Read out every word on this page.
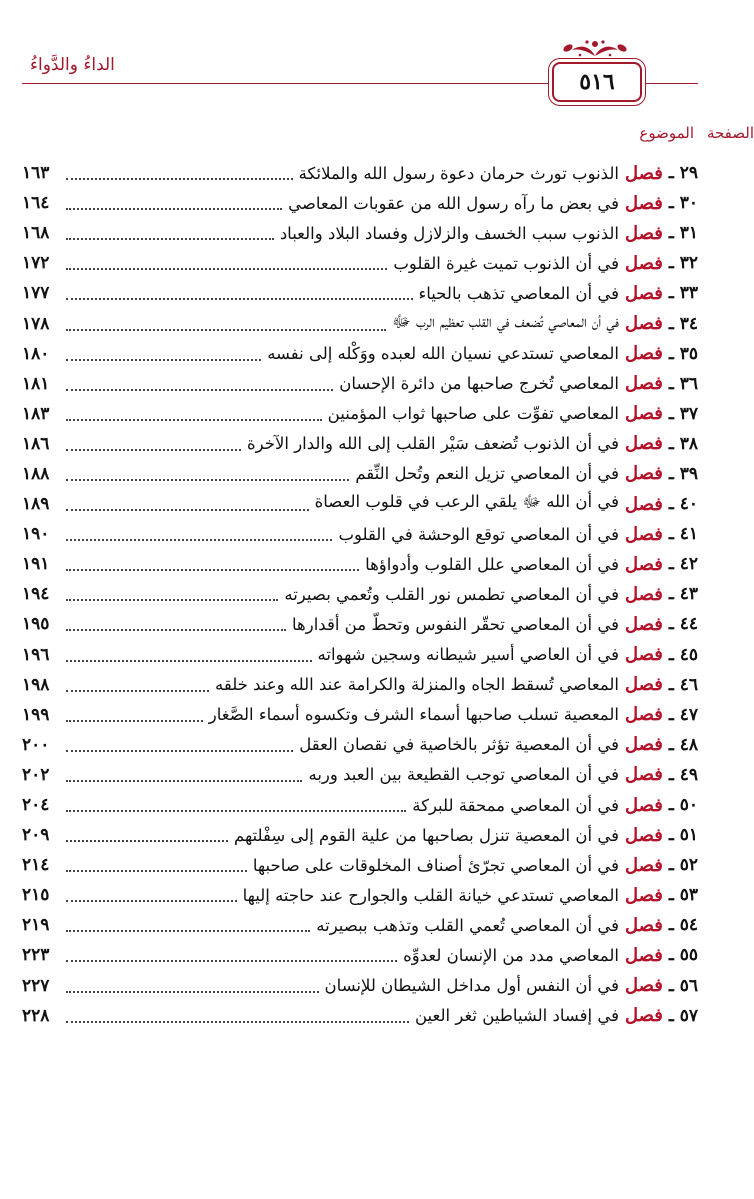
الداءُ والدَّواءُ
٥١٦
الموضوع الصفحة
٢٩ ـ
فصل
الذنوب تورث حرمان دعوة رسول الله والملائكة
١٦٣
٣٠ ـ
فصل
في بعض ما رآه رسول الله من عقوبات المعاصي
١٦٤
٣١ ـ
فصل
الذنوب سبب الخسف والزلازل وفساد البلاد والعباد
١٦٨
٣٢ ـ
فصل
في أن الذنوب تميت غيرة القلوب
١٧٢
٣٣ ـ
فصل
في أن المعاصي تذهب بالحياء
١٧٧
٣٤ ـ
فصل
في أن المعاصي تُضعف في القلب تعظيم الرب ﷻ
١٧٨
٣٥ ـ
فصل
المعاصي تستدعي نسيان الله لعبده ووَكْله إلى نفسه
١٨٠
٣٦ ـ
فصل
المعاصي تُخرج صاحبها من دائرة الإحسان
١٨١
٣٧ ـ
فصل
المعاصي تفوِّت على صاحبها ثواب المؤمنين
١٨٣
٣٨ ـ
فصل
في أن الذنوب تُضعف سَيْر القلب إلى الله والدار الآخرة
١٨٦
٣٩ ـ
فصل
في أن المعاصي تزيل النعم وتُحل النِّقم
١٨٨
٤٠ ـ
فصل
في أن الله ﷻ يلقي الرعب في قلوب العصاة
١٨٩
٤١ ـ
فصل
في أن المعاصي توقع الوحشة في القلوب
١٩٠
٤٢ ـ
فصل
في أن المعاصي علل القلوب وأدواؤها
١٩١
٤٣ ـ
فصل
في أن المعاصي تطمس نور القلب وتُعمي بصيرته
١٩٤
٤٤ ـ
فصل
في أن المعاصي تحقّر النفوس وتحطّ من أقدارها
١٩٥
٤٥ ـ
فصل
في أن العاصي أسير شيطانه وسجين شهواته
١٩٦
٤٦ ـ
فصل
المعاصي تُسقط الجاه والمنزلة والكرامة عند الله وعند خلقه
١٩٨
٤٧ ـ
فصل
المعصية تسلب صاحبها أسماء الشرف وتكسوه أسماء الصَّغار
١٩٩
٤٨ ـ
فصل
في أن المعصية تؤثر بالخاصية في نقصان العقل
٢٠٠
٤٩ ـ
فصل
في أن المعاصي توجب القطيعة بين العبد وربه
٢٠٢
٥٠ ـ
فصل
في أن المعاصي ممحقة للبركة
٢٠٤
٥١ ـ
فصل
في أن المعصية تنزل بصاحبها من علية القوم إلى سِفْلتهم
٢٠٩
٥٢ ـ
فصل
في أن المعاصي تجرّئ أصناف المخلوقات على صاحبها
٢١٤
٥٣ ـ
فصل
المعاصي تستدعي خيانة القلب والجوارح عند حاجته إليها
٢١٥
٥٤ ـ
فصل
في أن المعاصي تُعمي القلب وتذهب ببصيرته
٢١٩
٥٥ ـ
فصل
المعاصي مدد من الإنسان لعدوِّه
٢٢٣
٥٦ ـ
فصل
في أن النفس أول مداخل الشيطان للإنسان
٢٢٧
٥٧ ـ
فصل
في إفساد الشياطين ثغر العين
٢٢٨
